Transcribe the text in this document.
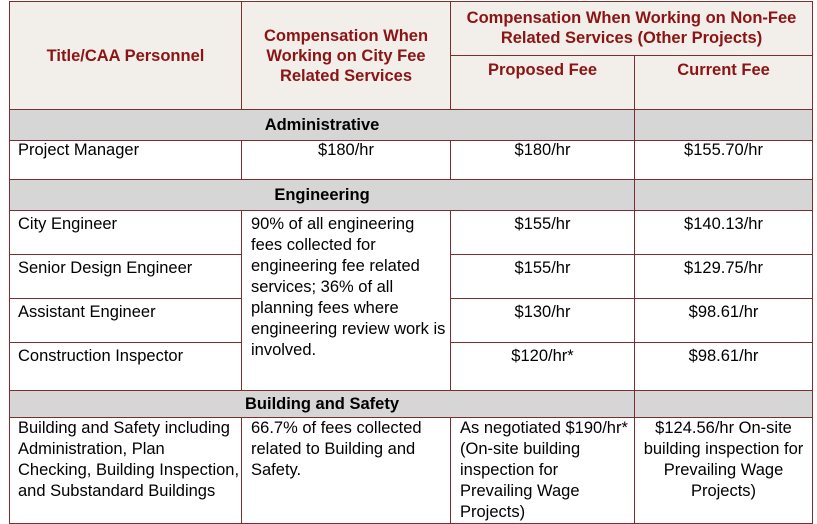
Title/CAA Personnel	Compensation When Working on City Fee Related Services	Compensation When Working on Non-Fee Related Services (Other Projects)	
		Proposed Fee	Current Fee
Administrative			
Project Manager	$180/hr	$180/hr	$155.70/hr
Engineering			
City Engineer	90% of all engineering fees collected for engineering fee related services; 36% of all planning fees where engineering review work is involved.	$155/hr	$140.13/hr
Senior Design Engineer		$155/hr	$129.75/hr
Assistant Engineer		$130/hr	$98.61/hr
Construction Inspector		$120/hr*	$98.61/hr
Building and Safety			
Building and Safety including Administration, Plan Checking, Building Inspection, and Substandard Buildings	66.7% of fees collected related to Building and Safety.	As negotiated $190/hr* (On-site building inspection for Prevailing Wage Projects)	$124.56/hr On-site building inspection for Prevailing Wage Projects)
